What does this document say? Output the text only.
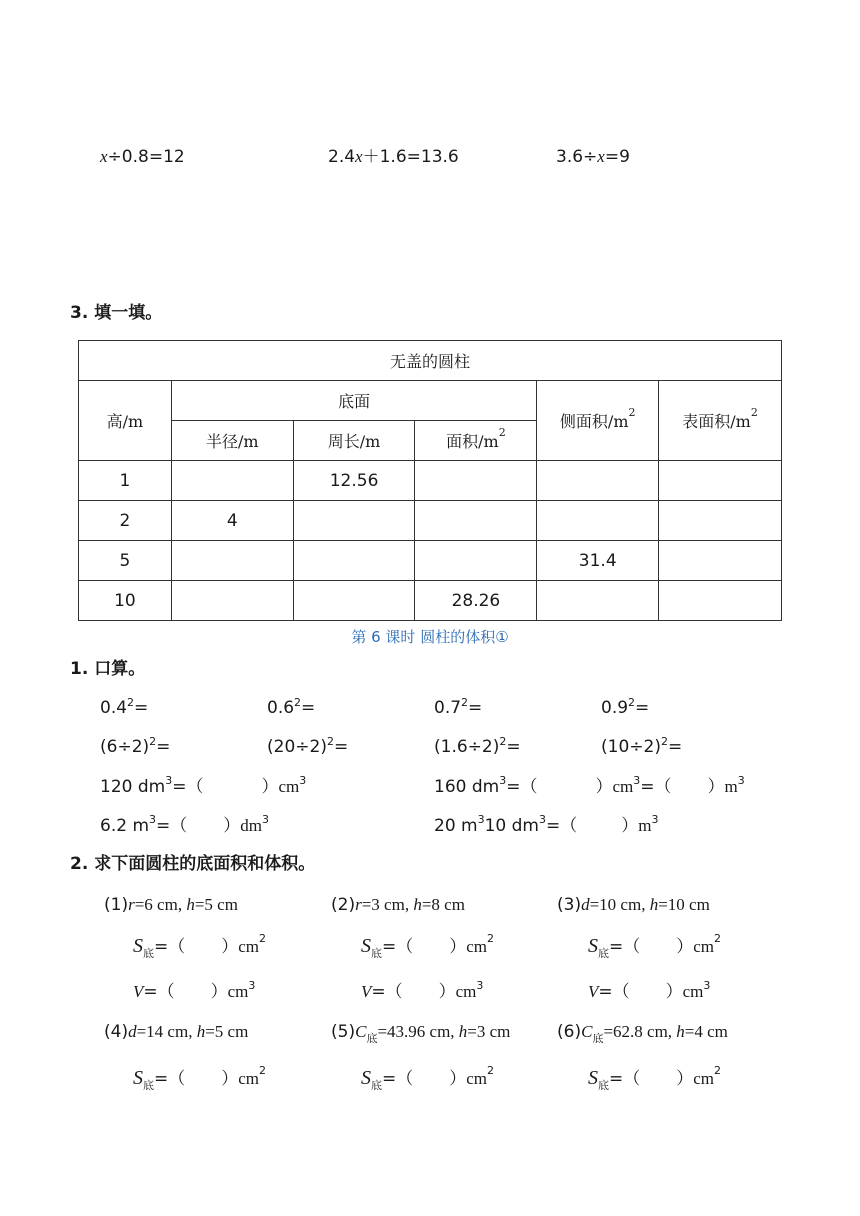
x÷0.8=12	2.4x＋1.6=13.6	3.6÷x=9
3. 填一填。
无盖的圆柱					
高/m	底面			侧面积$/m^2$	表面积$/m^2$
	半径/m	周长/m	面积$/m^2$
1		12.56			
2	4				
5				31.4	
10			28.26		
第 6 课时 圆柱的体积①
1. 口算。
$0.4^2=$	$0.6^2=$	$0.7^2=$	$0.9^2=$
$(6\div 2)^2=$	$(20\div 2)^2=$	$(1.6\div 2)^2=$	$(10\div 2)^2=$
120 $dm^3=$（	）$cm^3$	160 $dm^3=$（	）$cm^3=$（ ）$m^3$
6.2 $m^3=$（ ）$dm^3$	20 $m^310$ $dm^3=$（	）$m^3$
2. 求下面圆柱的底面积和体积。
(1)r=6 cm, h=5 cm	(2)r=3 cm, h=8 cm	(3)d=10 cm, h=10 cm
$S_底=$（ ）$cm^2$	$S_底=$（ ）$cm^2$	$S_底=$（ ）$cm^2$
V=（ ）$cm^3$	V=（ ）$cm^3$	V=（ ）$cm^3$
(4)d=14 cm, h=5 cm	$(5)C_底=43.96$ cm, h=3 cm	$(6)C_底=62.8$ cm, h=4 cm
$S_底=$（ ）$cm^2$	$S_底=$（ ）$cm^2$	$S_底=$（ ）$cm^2$
